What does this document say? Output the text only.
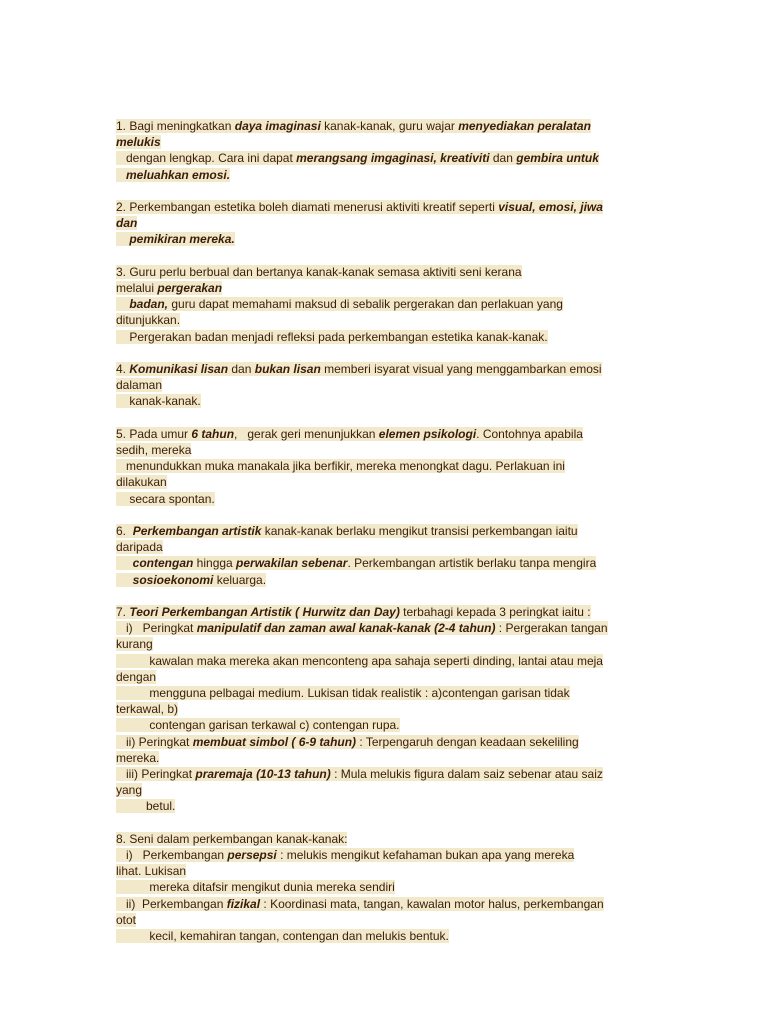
1. Bagi meningkatkan daya imaginasi kanak-kanak, guru wajar menyediakan peralatan
melukis
dengan lengkap. Cara ini dapat merangsang imgaginasi, kreativiti dan gembira untuk
meluahkan emosi.
2. Perkembangan estetika boleh diamati menerusi aktiviti kreatif seperti visual, emosi, jiwa
dan
pemikiran mereka.
3. Guru perlu berbual dan bertanya kanak-kanak semasa aktiviti seni kerana
melalui pergerakan
badan, guru dapat memahami maksud di sebalik pergerakan dan perlakuan yang
ditunjukkan.
Pergerakan badan menjadi refleksi pada perkembangan estetika kanak-kanak.
4. Komunikasi lisan dan bukan lisan memberi isyarat visual yang menggambarkan emosi
dalaman
kanak-kanak.
5. Pada umur 6 tahun,   gerak geri menunjukkan elemen psikologi. Contohnya apabila
sedih, mereka
menundukkan muka manakala jika berfikir, mereka menongkat dagu. Perlakuan ini
dilakukan
secara spontan.
6.  Perkembangan artistik kanak-kanak berlaku mengikut transisi perkembangan iaitu
daripada
contengan hingga perwakilan sebenar. Perkembangan artistik berlaku tanpa mengira
sosioekonomi keluarga.
7. Teori Perkembangan Artistik ( Hurwitz dan Day) terbahagi kepada 3 peringkat iaitu :
i)   Peringkat manipulatif dan zaman awal kanak-kanak (2-4 tahun) : Pergerakan tangan
kurang
kawalan maka mereka akan menconteng apa sahaja seperti dinding, lantai atau meja
dengan
mengguna pelbagai medium. Lukisan tidak realistik : a)contengan garisan tidak
terkawal, b)
contengan garisan terkawal c) contengan rupa.
ii) Peringkat membuat simbol ( 6-9 tahun) : Terpengaruh dengan keadaan sekeliling
mereka.
iii) Peringkat praremaja (10-13 tahun) : Mula melukis figura dalam saiz sebenar atau saiz
yang
betul.
8. Seni dalam perkembangan kanak-kanak:
i)   Perkembangan persepsi : melukis mengikut kefahaman bukan apa yang mereka
lihat. Lukisan
mereka ditafsir mengikut dunia mereka sendiri
ii)  Perkembangan fizikal : Koordinasi mata, tangan, kawalan motor halus, perkembangan
otot
kecil, kemahiran tangan, contengan dan melukis bentuk.
